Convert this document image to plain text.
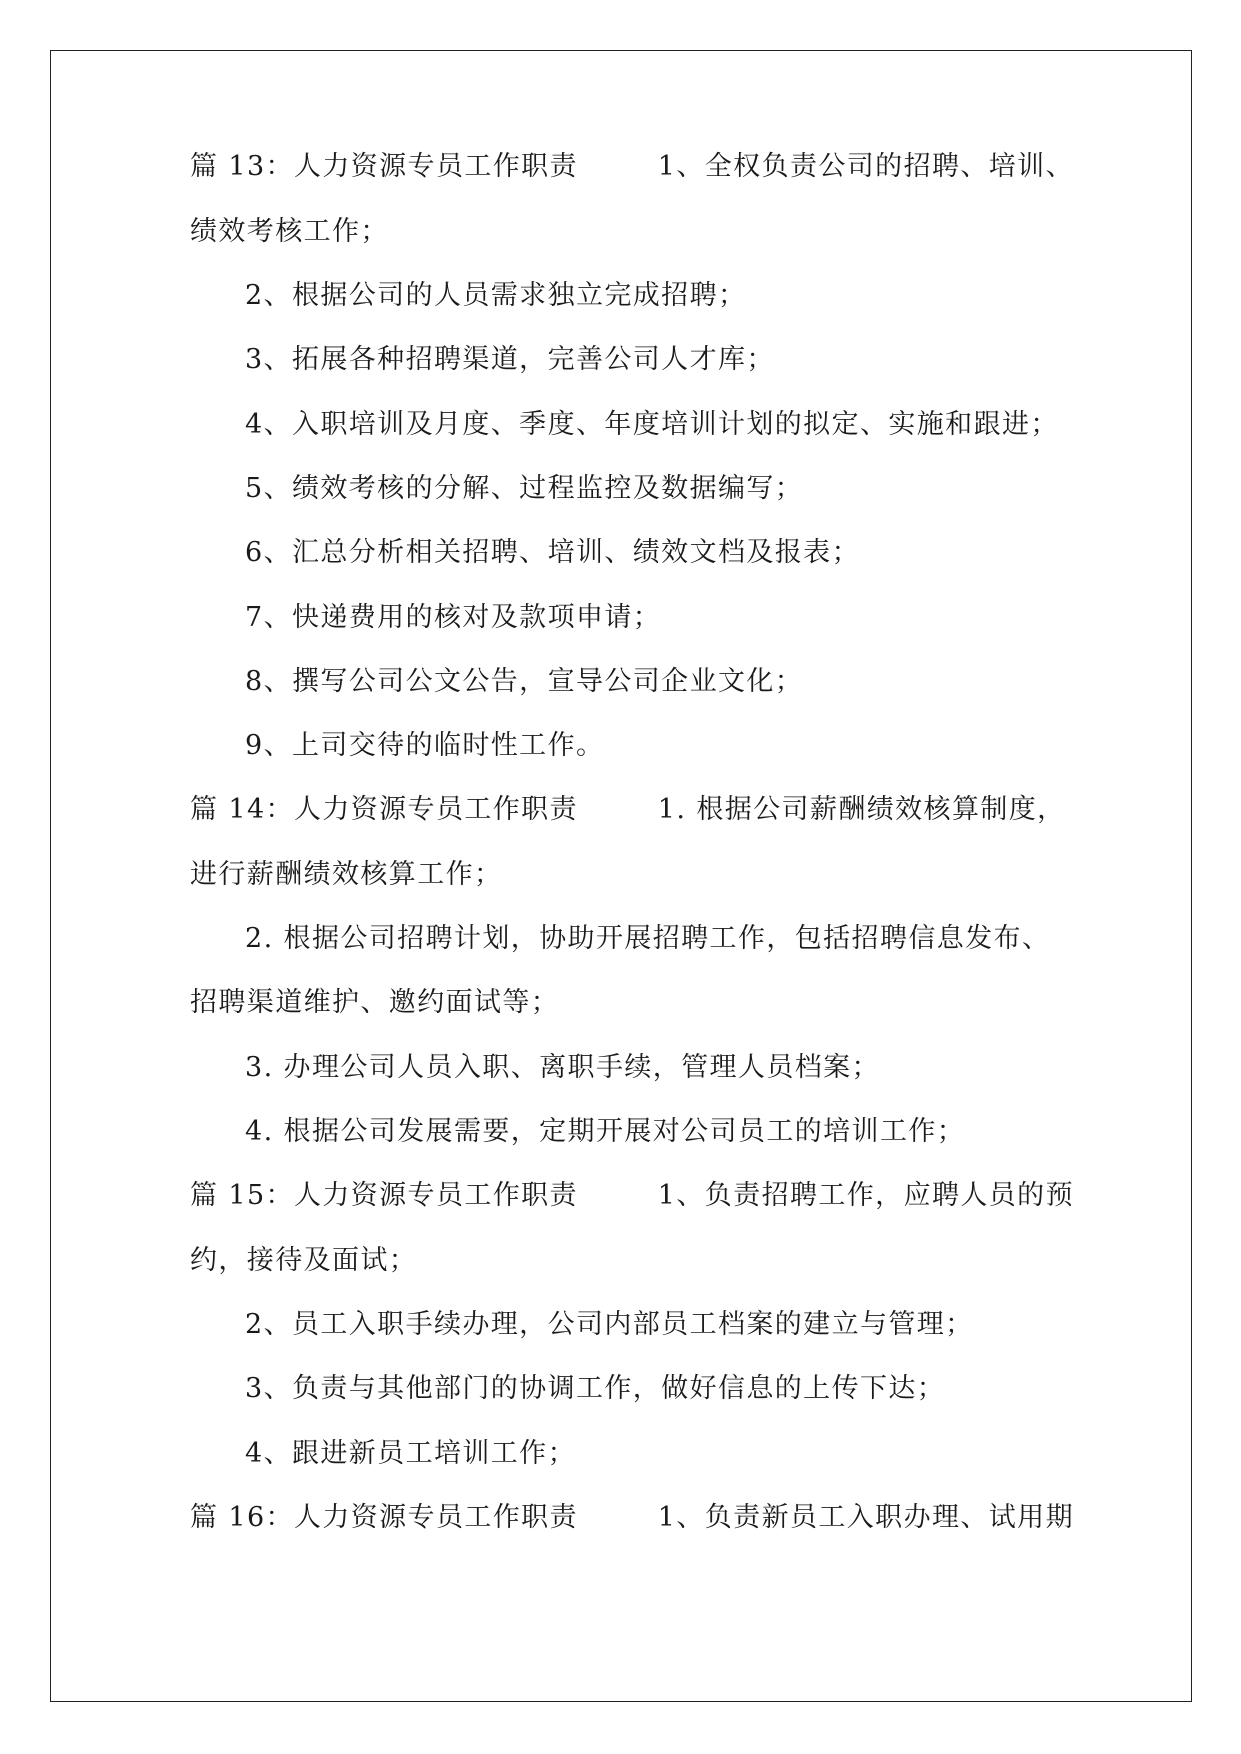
篇 13：人力资源专员工作职责        1、全权负责公司的招聘、培训、
绩效考核工作；
2、根据公司的人员需求独立完成招聘；
3、拓展各种招聘渠道，完善公司人才库；
4、入职培训及月度、季度、年度培训计划的拟定、实施和跟进；
5、绩效考核的分解、过程监控及数据编写；
6、汇总分析相关招聘、培训、绩效文档及报表；
7、快递费用的核对及款项申请；
8、撰写公司公文公告，宣导公司企业文化；
9、上司交待的临时性工作。
篇 14：人力资源专员工作职责        1. 根据公司薪酬绩效核算制度，
进行薪酬绩效核算工作；
2. 根据公司招聘计划，协助开展招聘工作，包括招聘信息发布、
招聘渠道维护、邀约面试等；
3. 办理公司人员入职、离职手续，管理人员档案；
4. 根据公司发展需要，定期开展对公司员工的培训工作；
篇 15：人力资源专员工作职责        1、负责招聘工作，应聘人员的预
约，接待及面试；
2、员工入职手续办理，公司内部员工档案的建立与管理；
3、负责与其他部门的协调工作，做好信息的上传下达；
4、跟进新员工培训工作；
篇 16：人力资源专员工作职责        1、负责新员工入职办理、试用期
